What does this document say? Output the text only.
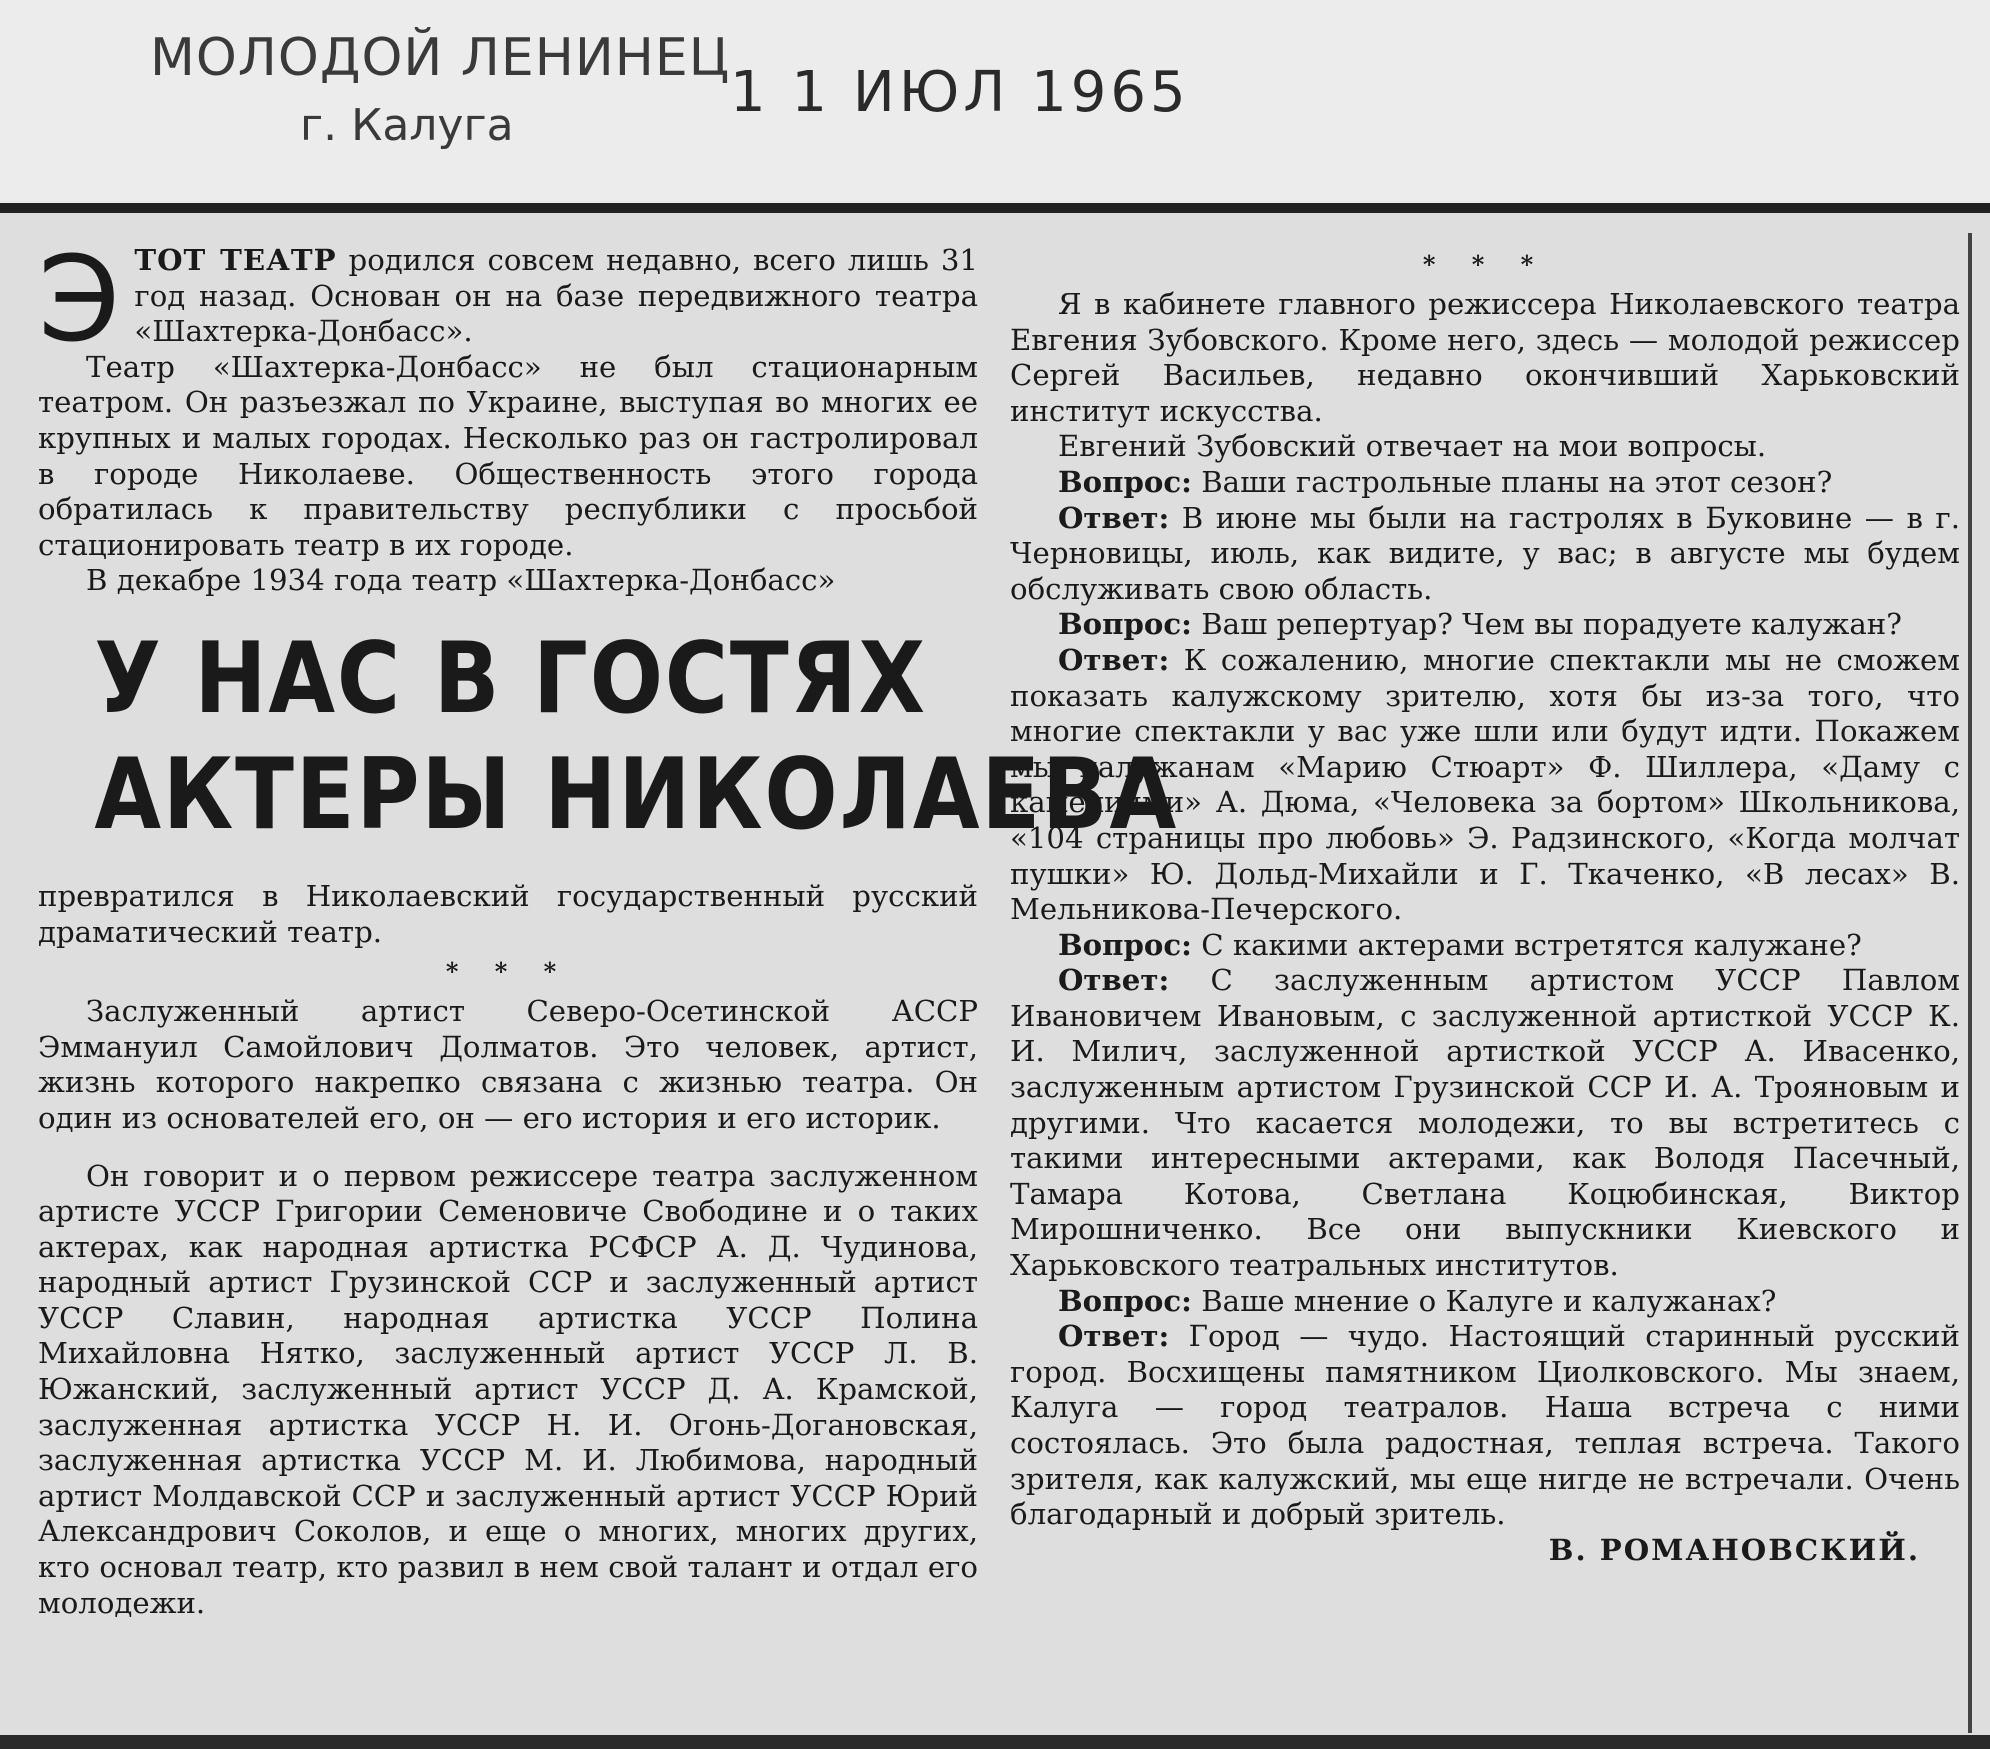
МОЛОДОЙ ЛЕНИНЕЦ
г. Калуга
1 1 ИЮЛ 1965

Э ТОТ ТЕАТР родился совсем недавно, всего лишь 31 год назад. Основан он на базе передвижного театра «Шахтерка-Донбасс».

Театр «Шахтерка-Донбасс» не был стационарным театром. Он разъезжал по Украине, выступая во многих ее крупных и малых городах. Несколько раз он гастролировал в городе Николаеве. Общественность этого города обратилась к правительству республики с просьбой стационировать театр в их городе.

В декабре 1934 года театр «Шахтерка-Донбасс»

У НАС В ГОСТЯХ
АКТЕРЫ НИКОЛАЕВА

превратился в Николаевский государственный русский драматический театр.

* * *

Заслуженный артист Северо-Осетинской АССР Эммануил Самойлович Долматов. Это человек, артист, жизнь которого накрепко связана с жизнью театра. Он один из основателей его, он — его история и его историк.

Он говорит и о первом режиссере театра заслуженном артисте УССР Григории Семеновиче Свободине и о таких актерах, как народная артистка РСФСР А. Д. Чудинова, народный артист Грузинской ССР и заслуженный артист УССР Славин, народная артистка УССР Полина Михайловна Нятко, заслуженный артист УССР Л. В. Южанский, заслуженный артист УССР Д. А. Крамской, заслуженная артистка УССР Н. И. Огонь-Догановская, заслуженная артистка УССР М. И. Любимова, народный артист Молдавской ССР и заслуженный артист УССР Юрий Александрович Соколов, и еще о многих, многих других, кто основал театр, кто развил в нем свой талант и отдал его молодежи.

* * *

Я в кабинете главного режиссера Николаевского театра Евгения Зубовского. Кроме него, здесь — молодой режиссер Сергей Васильев, недавно окончивший Харьковский институт искусства.

Евгений Зубовский отвечает на мои вопросы.

Вопрос: Ваши гастрольные планы на этот сезон?

Ответ: В июне мы были на гастролях в Буковине — в г. Черновицы, июль, как видите, у вас; в августе мы будем обслуживать свою область.

Вопрос: Ваш репертуар? Чем вы порадуете калужан?

Ответ: К сожалению, многие спектакли мы не сможем показать калужскому зрителю, хотя бы из-за того, что многие спектакли у вас уже шли или будут идти. Покажем мы калужанам «Марию Стюарт» Ф. Шиллера, «Даму с камелиями» А. Дюма, «Человека за бортом» Школьникова, «104 страницы про любовь» Э. Радзинского, «Когда молчат пушки» Ю. Дольд-Михайли и Г. Ткаченко, «В лесах» В. Мельникова-Печерского.

Вопрос: С какими актерами встретятся калужане?

Ответ: С заслуженным артистом УССР Павлом Ивановичем Ивановым, с заслуженной артисткой УССР К. И. Милич, заслуженной артисткой УССР А. Ивасенко, заслуженным артистом Грузинской ССР И. А. Трояновым и другими. Что касается молодежи, то вы встретитесь с такими интересными актерами, как Володя Пасечный, Тамара Котова, Светлана Коцюбинская, Виктор Мирошниченко. Все они выпускники Киевского и Харьковского театральных институтов.

Вопрос: Ваше мнение о Калуге и калужанах?

Ответ: Город — чудо. Настоящий старинный русский город. Восхищены памятником Циолковского. Мы знаем, Калуга — город театралов. Наша встреча с ними состоялась. Это была радостная, теплая встреча. Такого зрителя, как калужский, мы еще нигде не встречали. Очень благодарный и добрый зритель.
В. РОМАНОВСКИЙ.
